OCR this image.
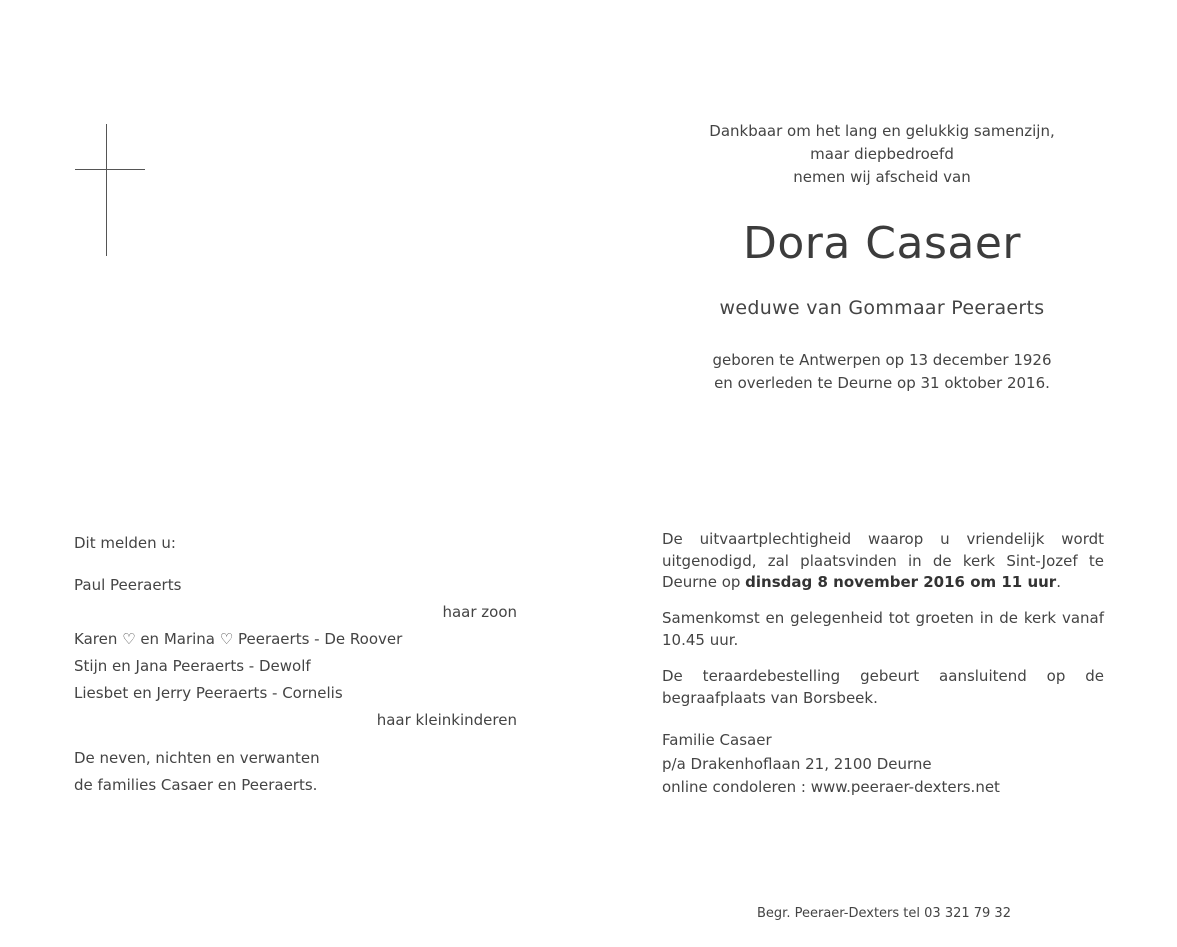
Dankbaar om het lang en gelukkig samenzijn,
maar diepbedroefd
nemen wij afscheid van
Dora Casaer
weduwe van Gommaar Peeraerts
geboren te Antwerpen op 13 december 1926
en overleden te Deurne op 31 oktober 2016.
Dit melden u:
Paul Peeraerts
haar zoon
Karen ♡ en Marina ♡ Peeraerts - De Roover
Stijn en Jana Peeraerts - Dewolf
Liesbet en Jerry Peeraerts - Cornelis
haar kleinkinderen
De neven, nichten en verwanten
de families Casaer en Peeraerts.
De uitvaartplechtigheid waarop u vriendelijk wordt uitgenodigd, zal plaatsvinden in de kerk Sint-Jozef te Deurne op dinsdag 8 november 2016 om 11 uur.
Samenkomst en gelegenheid tot groeten in de kerk vanaf 10.45 uur.
De teraardebestelling gebeurt aansluitend op de begraafplaats van Borsbeek.
Familie Casaer
p/a Drakenhoflaan 21, 2100 Deurne
online condoleren : www.peeraer-dexters.net
Begr. Peeraer-Dexters tel 03 321 79 32
